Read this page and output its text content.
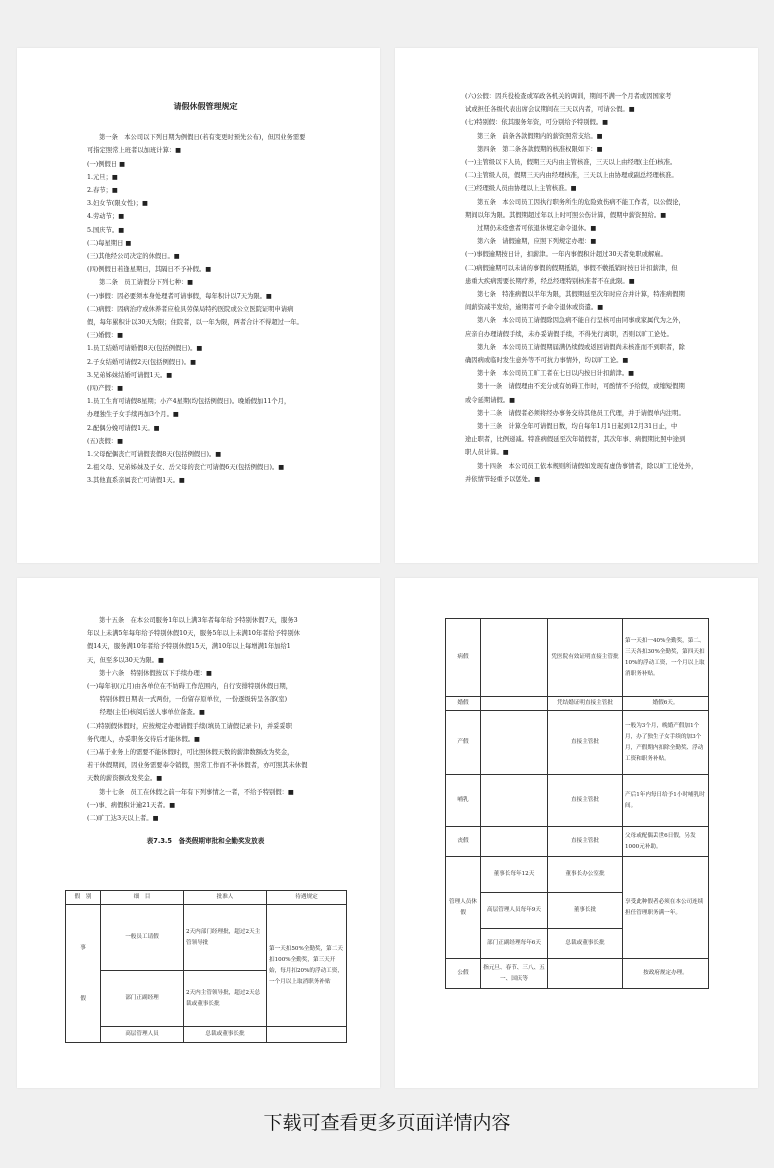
请假休假管理规定
第一条　本公司以下列日期为例假日(若有变更时预先公布)，但因业务需要
可指定照常上班者以加班计算：■
(一)例假日 ■
1.元旦；■
2.春节；■
3.妇女节(限女性)；■
4.劳动节；■
5.国庆节。■
(二)每星期日 ■
(三)其他经公司决定的休假日。■
(四)例假日若逢星期日，其隔日不予补假。■
第二条　员工请假分下列七种：■
(一)事假：因必要须本身处理者可请事假，每年积计以7天为限。■
(二)病假：因病治疗或休养者应检具劳保局特约医院或公立医院证明申请病
假，每年累积计以30天为限；住院者，以一年为限，两者合计不得超过一年。
(三)婚假：■
1.员工结婚可请婚假8天(包括例假日)。■
2.子女结婚可请假2天(包括例假日)。■
3.兄弟姊妹结婚可请假1天。■
(四)产假：■
1.员工生育可请假8星期；小产4星期(均包括例假日)。晚婚假加11个月，
办理独生子女手续再加3个月。■
2.配偶分娩可请假1天。■
(五)丧假：■
1.父母配偶丧亡可请假丧假8天(包括例假日)。■
2.祖父母、兄弟姊妹及子女、岳父母的丧亡可请假6天(包括例假日)。■
3.其他直系亲属丧亡可请假1天。■
(六)公假：因兵役检查或军政各机关的调训，期间不满一个月者或因国家考
试或担任各级代表出席会议期间在三天以内者，可请公假。■
(七)特别假：依其服务年资，可分别给予特别假。■
第三条　前条各款假期内的薪资照常支给。■
第四条　第二条各款假期的核准权限如下：■
(一)主管级以下人员，假期三天内由主管核准，三天以上由经理(主任)核准。
(二)主管级人员，假期三天内由经理核准，三天以上由协理或副总经理核准。
(三)经理级人员由协理以上主管核准。■
第五条　本公司员工因执行职务所生的危险致伤病不能工作者，以公假论，
期间以年为限。其假期超过年以上时可照公伤计算，假期中薪资照给。■
过期仍未痊愈者可依退休规定命令退休。■
第六条　请假逾期，应照下列规定办理：■
(一)事假逾期按日计，扣薪津。一年内事假积计超过30天者免职或解雇。
(二)病假逾期可以未请的事假的假期抵销，事假不敷抵销时按日计扣薪津，但
患重大疾病需要长期疗养，经总经理特别核准者不在此限。■
第七条　特准病假以半年为限，其假期延至次年时应合并计算，特准病假期
间薪资减半发给，逾期者可予命令退休或资遣。■
第八条　本公司员工请假除因急病不能自行呈核可由同事或家属代为之外，
应亲自办理请假手续，未办妥请假手续，不得先行离职，否则以旷工论处。
第九条　本公司员工请假期届满仍续假或返回请假尚未核准而不到职者，除
确因病或临时发生意外等不可抗力事情外，均以旷工论。■
第十条　本公司员工旷工者在七日以内按日计扣薪津。■
第十一条　请假理由不充分或有妨碍工作时，可酌情不予给假，或缩短假期
或令延期请假。■
第十二条　请假者必须将经办事务交待其他员工代理，并于请假单内注明。
第十三条　计算全年可请假日数，均自每年1月1日起到12月31日止，中
途止职者，比例递减。特准病假延至次年销假者，其次年事、病假期比照中途到
职人员计算。■
第十四条　本公司员工依本规则所请假如发现有虚伪事情者，除以旷工论处外，
并依情节轻重予以惩处。■
第十五条　在本公司服务1年以上满3年者每年给予特别休假7天，服务3
年以上未满5年每年给予特别休假10天，服务5年以上未满10年者给予特别休
假14天，服务满10年者给予特别休假15天，满10年以上每增满1年加给1
天，但至多以30天为限。■
第十六条　特别休假按以下手续办理：■
(一)每年初(元月)由各单位在不妨碍工作范围内，自行安排特别休假日期，
　　特别休假日期表一式两份，一份留存原单位，一份逐级转呈各部(室)
　　经理(主任)核阅后送人事单位备查。■
(二)特别假休假时，应按规定办理请假手续(填员工请假记录卡)，并妥妥职
务代理人，办妥职务交待后才能休假。■
(三)基于业务上的需要不能休假时，可比照休假天数的薪津数额改为奖金，
若干休假期间，因业务需要奉令销假，照常工作而不补休假者，亦可照其未休假
天数的薪资额改发奖金。■
第十七条　员工在休假之前一年有下列事情之一者，不给予特别假：■
(一)事、病假积计逾21天者。■
(二)旷工达3天以上者。■
表7.3.5　备类假期审批和全勤奖发放表
假　别	细　目	批准人	待遇规定

事
假	一般员工请假	2天内部门经理批，超过2天主管领导批	第一天扣50%全勤奖，第二天扣100%全勤奖，第三天开始，每月扣20%的浮动工资，一个月以上取消职务补贴
	部门正副经理	2天内主管领导批，超过2天总裁或董事长批	
	高层管理人员	总裁或董事长批	
病假		凭医院有效证明直接主管批	第一天扣一40%全勤奖，第二、三天各扣30%全勤奖，第四天扣10%的浮动工资，一个月以上取消职务补贴。
婚假		凭结婚证明直接主管批	婚假6天。
产假		直接主管批	一般为3个月，晚婚产假加1个月，办了独生子女手续的加3个月，产假期内扣除全勤奖、浮动工资和职务补贴。
哺乳		直接主管批	产后1年内每日给予1小时哺乳时间。
丧假		直接主管批	父母或配偶丢世6日假，另发1000元补助。
管理人员休假	董事长每年12天	董事长办公室批	享受此种假者必须在本公司连续担任管理职务满一年。
	高层管理人员每年9天	董事长批	
	部门正副经理每年6天	总裁或董事长批	
公假	指元旦、春节、三八、五一、国庆等		按政府规定办理。
下载可查看更多页面详情内容
